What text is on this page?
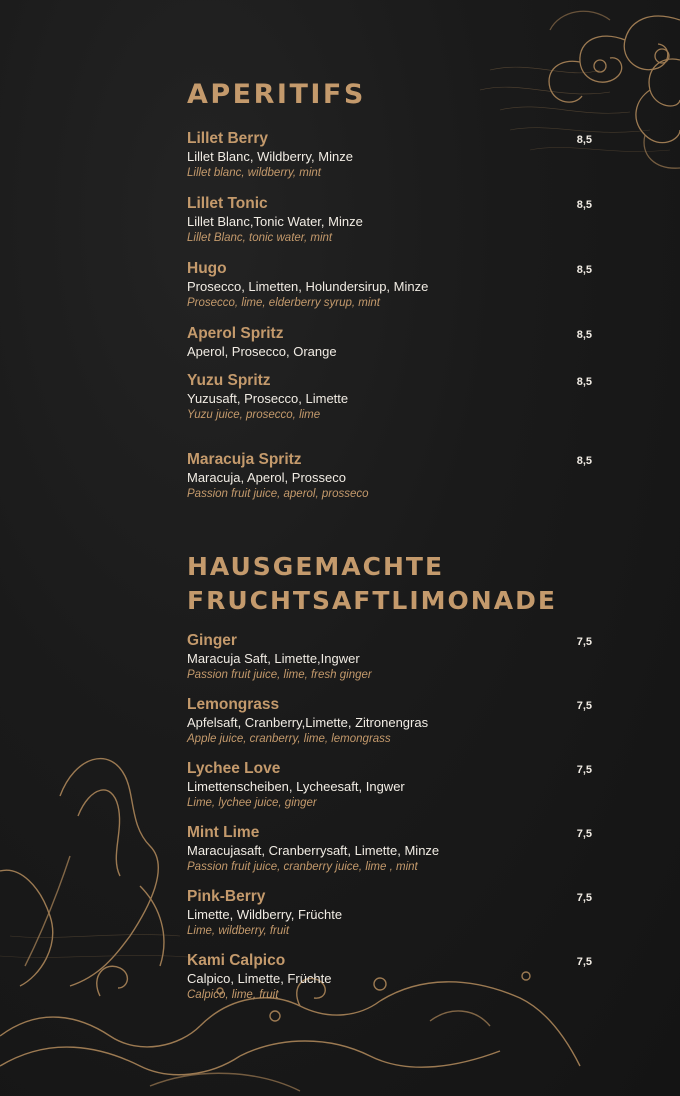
APERITIFS
Lillet Berry	8,5
Lillet Blanc, Wildberry, Minze
Lillet blanc, wildberry, mint
Lillet Tonic	8,5
Lillet Blanc,Tonic Water, Minze
Lillet Blanc, tonic water, mint
Hugo	8,5
Prosecco, Limetten, Holundersirup, Minze
Prosecco, lime, elderberry syrup, mint
Aperol Spritz	8,5
Aperol, Prosecco, Orange
Yuzu Spritz	8,5
Yuzusaft, Prosecco, Limette
Yuzu juice, prosecco, lime
Maracuja Spritz	8,5
Maracuja, Aperol, Prosseco
Passion fruit juice, aperol, prosseco
HAUSGEMACHTE
FRUCHTSAFTLIMONADE
Ginger	7,5
Maracuja Saft, Limette,Ingwer
Passion fruit juice, lime, fresh ginger
Lemongrass	7,5
Apfelsaft, Cranberry,Limette, Zitronengras
Apple juice, cranberry, lime, lemongrass
Lychee Love	7,5
Limettenscheiben, Lycheesaft, Ingwer
Lime, lychee juice, ginger
Mint Lime	7,5
Maracujasaft, Cranberrysaft, Limette, Minze
Passion fruit juice, cranberry juice, lime , mint
Pink-Berry	7,5
Limette, Wildberry, Früchte
Lime, wildberry, fruit
Kami Calpico	7,5
Calpico, Limette, Früchte
Calpico, lime, fruit
